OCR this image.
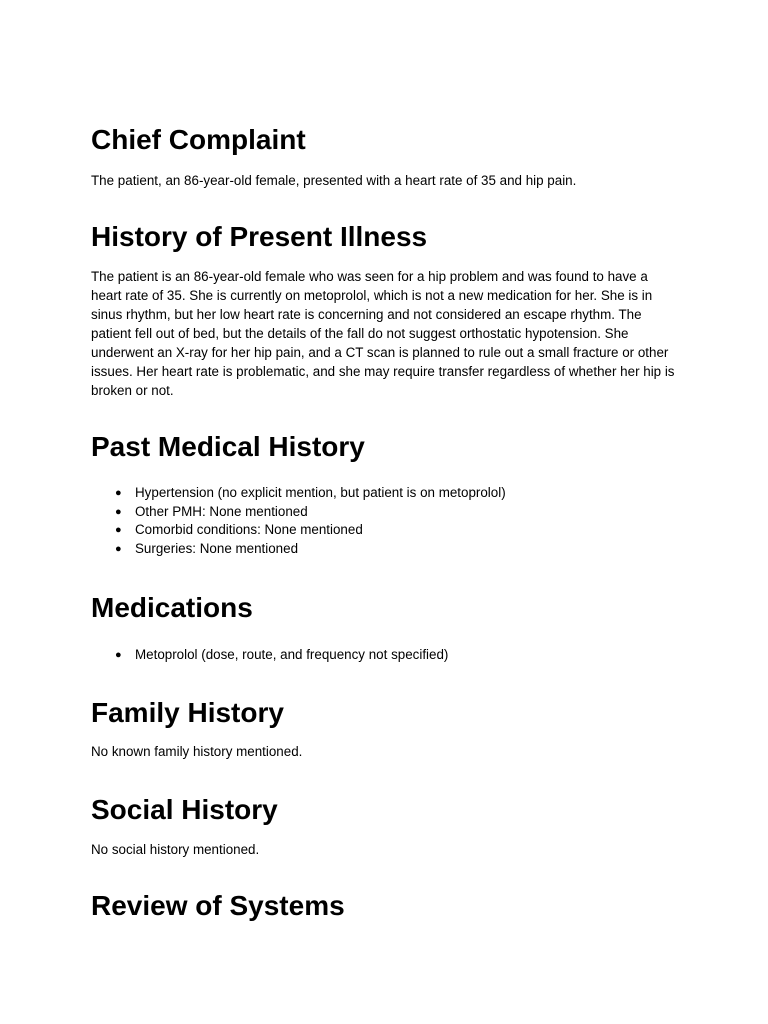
Chief Complaint

The patient, an 86-year-old female, presented with a heart rate of 35 and hip pain.

History of Present Illness

The patient is an 86-year-old female who was seen for a hip problem and was found to have a heart rate of 35. She is currently on metoprolol, which is not a new medication for her. She is in sinus rhythm, but her low heart rate is concerning and not considered an escape rhythm. The patient fell out of bed, but the details of the fall do not suggest orthostatic hypotension. She underwent an X-ray for her hip pain, and a CT scan is planned to rule out a small fracture or other issues. Her heart rate is problematic, and she may require transfer regardless of whether her hip is broken or not.

Past Medical History
● Hypertension (no explicit mention, but patient is on metoprolol)
● Other PMH: None mentioned
● Comorbid conditions: None mentioned
● Surgeries: None mentioned
Medications
● Metoprolol (dose, route, and frequency not specified)
Family History

No known family history mentioned.

Social History

No social history mentioned.

Review of Systems
